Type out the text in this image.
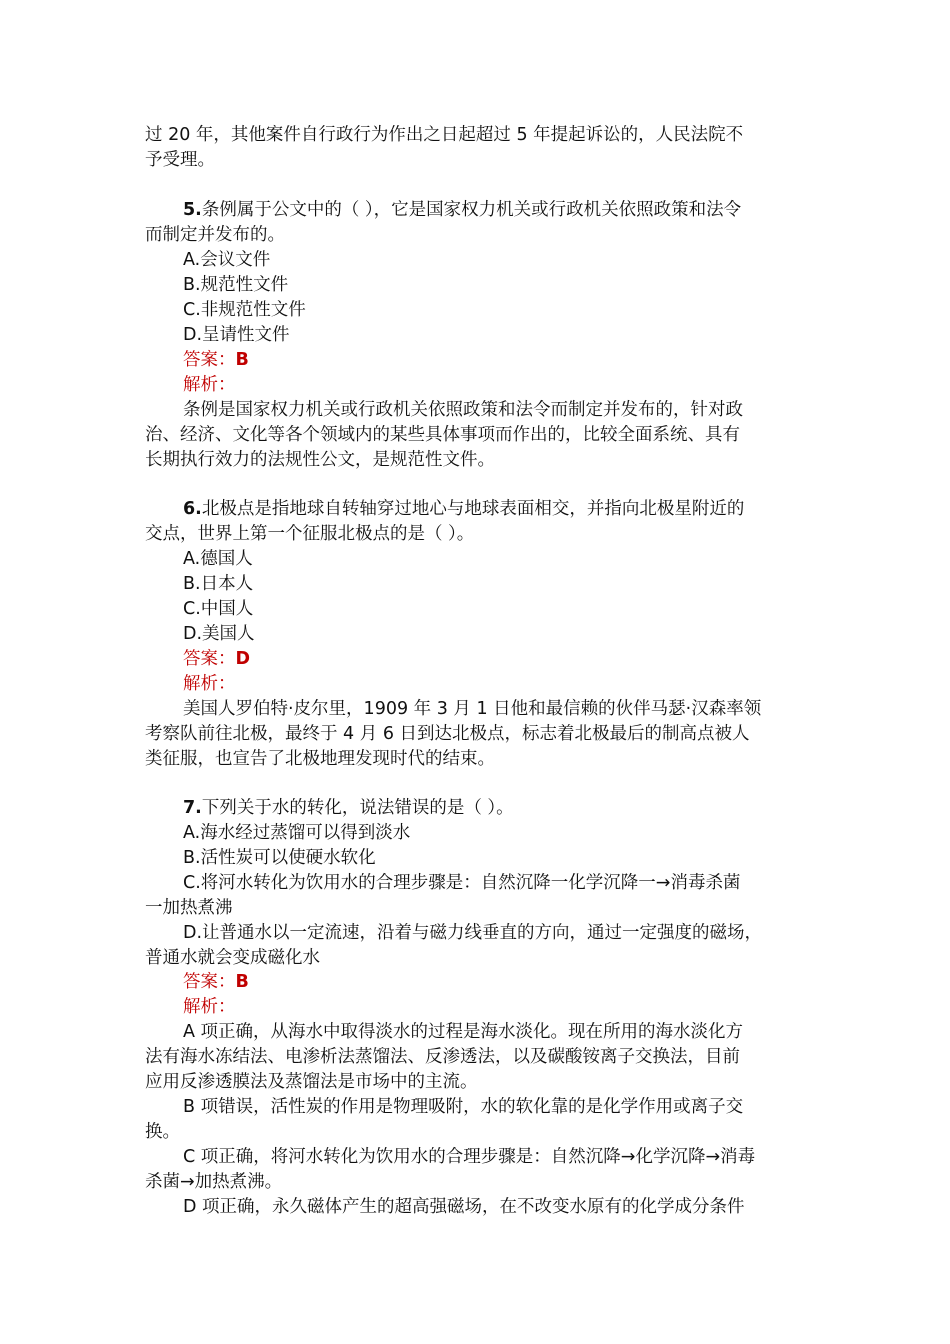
过 20 年，其他案件自行政行为作出之日起超过 5 年提起诉讼的，人民法院不
予受理。
5.条例属于公文中的（ ），它是国家权力机关或行政机关依照政策和法令
而制定并发布的。
A.会议文件
B.规范性文件
C.非规范性文件
D.呈请性文件
答案：B
解析：
条例是国家权力机关或行政机关依照政策和法令而制定并发布的，针对政
治、经济、文化等各个领域内的某些具体事项而作出的，比较全面系统、具有
长期执行效力的法规性公文，是规范性文件。
6.北极点是指地球自转轴穿过地心与地球表面相交，并指向北极星附近的
交点，世界上第一个征服北极点的是（ ）。
A.德国人
B.日本人
C.中国人
D.美国人
答案：D
解析：
美国人罗伯特·皮尔里，1909 年 3 月 1 日他和最信赖的伙伴马瑟·汉森率领
考察队前往北极，最终于 4 月 6 日到达北极点，标志着北极最后的制高点被人
类征服，也宣告了北极地理发现时代的结束。
7.下列关于水的转化，说法错误的是（ ）。
A.海水经过蒸馏可以得到淡水
B.活性炭可以使硬水软化
C.将河水转化为饮用水的合理步骤是：自然沉降一化学沉降一→消毒杀菌
一加热煮沸
D.让普通水以一定流速，沿着与磁力线垂直的方向，通过一定强度的磁场，
普通水就会变成磁化水
答案：B
解析：
A 项正确，从海水中取得淡水的过程是海水淡化。现在所用的海水淡化方
法有海水冻结法、电渗析法蒸馏法、反渗透法，以及碳酸铵离子交换法，目前
应用反渗透膜法及蒸馏法是市场中的主流。
B 项错误，活性炭的作用是物理吸附，水的软化靠的是化学作用或离子交
换。
C 项正确，将河水转化为饮用水的合理步骤是：自然沉降→化学沉降→消毒
杀菌→加热煮沸。
D 项正确，永久磁体产生的超高强磁场，在不改变水原有的化学成分条件
